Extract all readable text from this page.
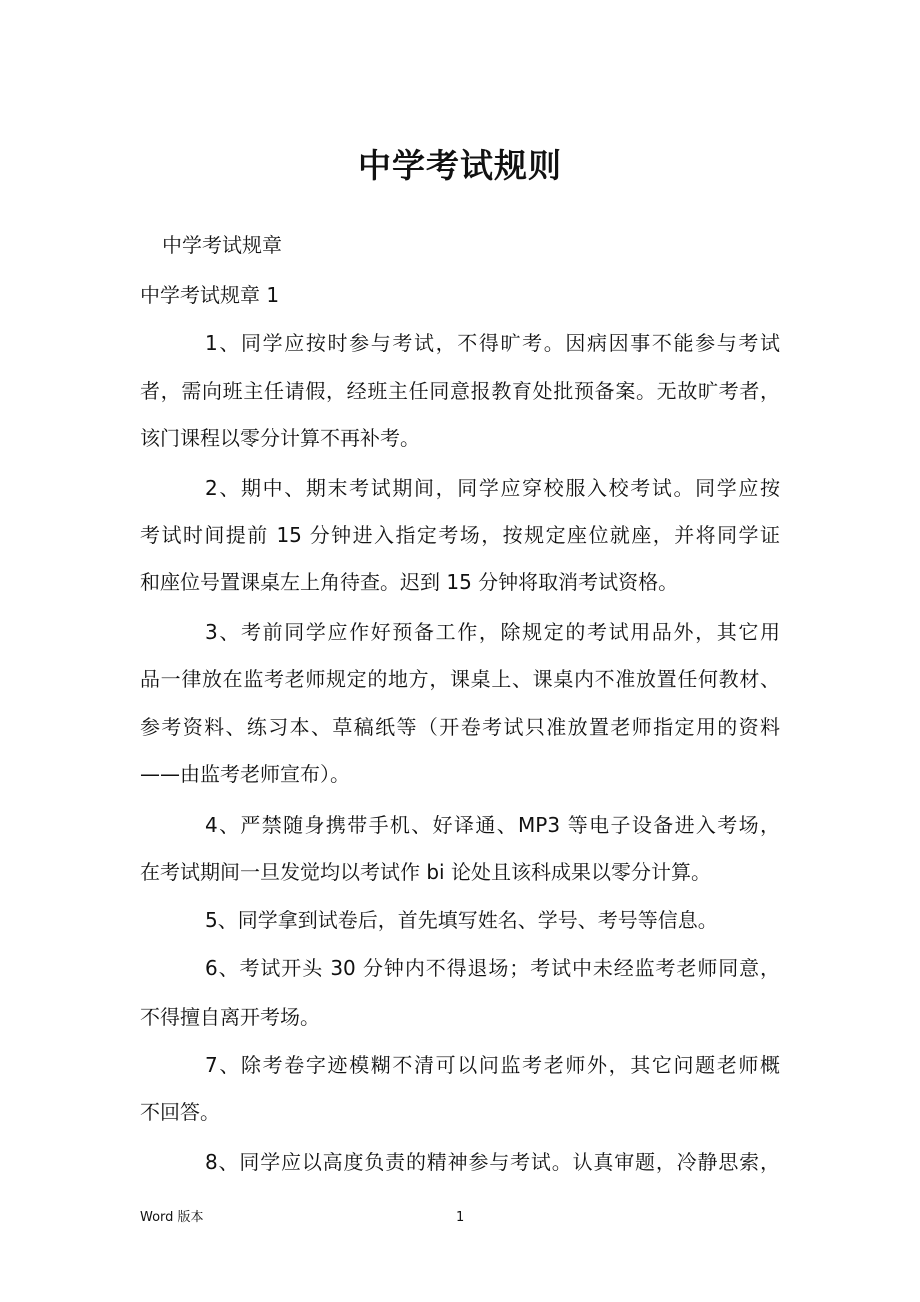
中学考试规则
中学考试规章
中学考试规章 1
1、同学应按时参与考试，不得旷考。因病因事不能参与考试
者，需向班主任请假，经班主任同意报教育处批预备案。无故旷考者，
该门课程以零分计算不再补考。
2、期中、期末考试期间，同学应穿校服入校考试。同学应按
考试时间提前 15 分钟进入指定考场，按规定座位就座，并将同学证
和座位号置课桌左上角待查。迟到 15 分钟将取消考试资格。
3、考前同学应作好预备工作，除规定的考试用品外，其它用
品一律放在监考老师规定的地方，课桌上、课桌内不准放置任何教材、
参考资料、练习本、草稿纸等（开卷考试只准放置老师指定用的资料
——由监考老师宣布）。
4、严禁随身携带手机、好译通、MP3 等电子设备进入考场，
在考试期间一旦发觉均以考试作 bi 论处且该科成果以零分计算。
5、同学拿到试卷后，首先填写姓名、学号、考号等信息。
6、考试开头 30 分钟内不得退场；考试中未经监考老师同意，
不得擅自离开考场。
7、除考卷字迹模糊不清可以问监考老师外，其它问题老师概
不回答。
8、同学应以高度负责的精神参与考试。认真审题，冷静思索，
Word 版本	1
